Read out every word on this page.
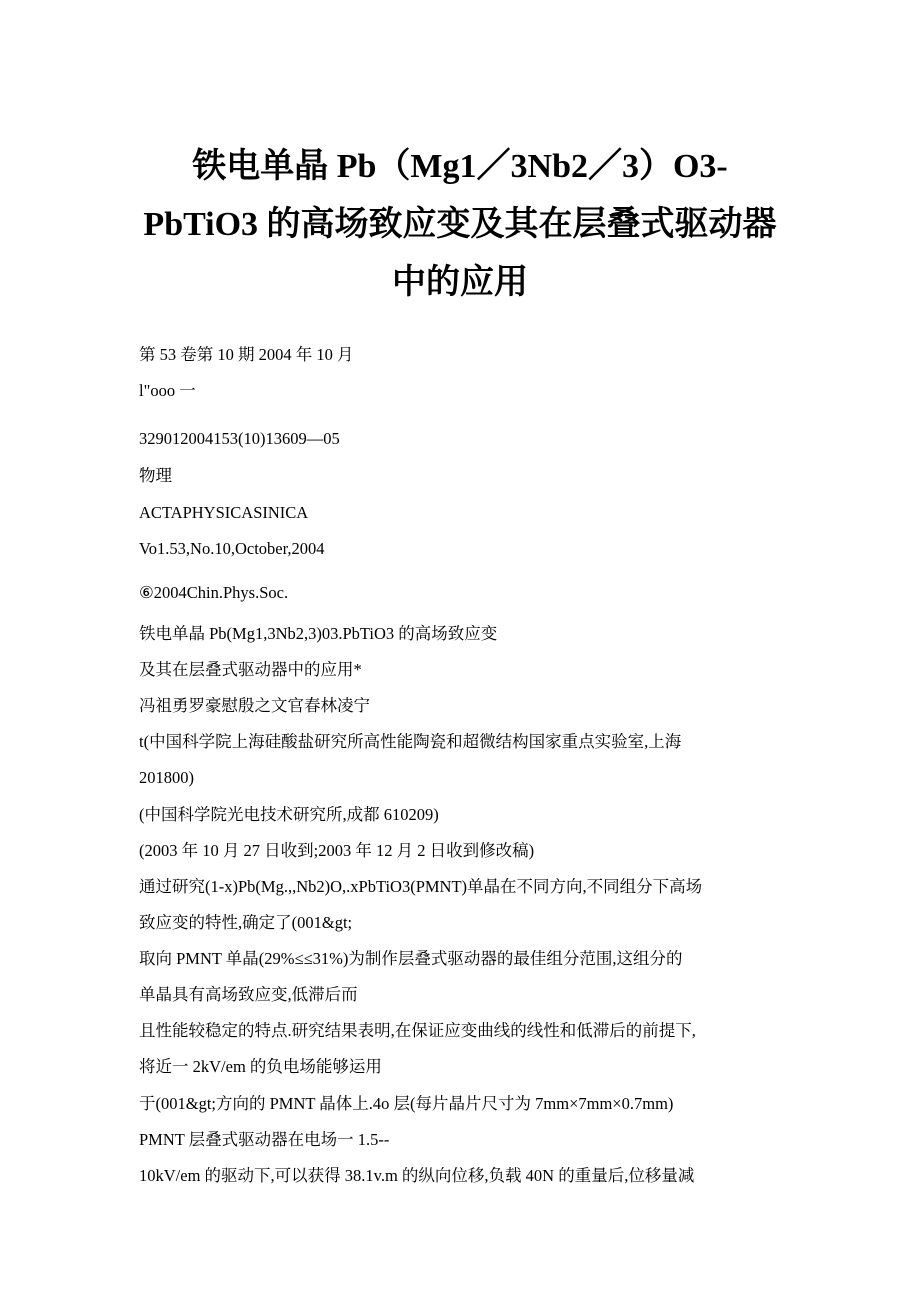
铁电单晶 Pb（Mg1／3Nb2／3）O3-
PbTiO3 的高场致应变及其在层叠式驱动器
中的应用
第 53 卷第 10 期 2004 年 10 月
l"ooo 一
329012004153(10)13609—05
物理
ACTAPHYSICASINICA
Vo1.53,No.10,October,2004
⑥2004Chin.Phys.Soc.
铁电单晶 Pb(Mg1,3Nb2,3)03.PbTiO3 的高场致应变
及其在层叠式驱动器中的应用*
冯祖勇罗豪慰殷之文官春林凌宁
t(中国科学院上海硅酸盐研究所高性能陶瓷和超微结构国家重点实验室,上海
201800)
(中国科学院光电技术研究所,成都 610209)
(2003 年 10 月 27 日收到;2003 年 12 月 2 日收到修改稿)
通过研究(1-x)Pb(Mg.,,Nb2)O,.xPbTiO3(PMNT)单晶在不同方向,不同组分下高场
致应变的特性,确定了(001&gt;
取向 PMNT 单晶(29%≤≤31%)为制作层叠式驱动器的最佳组分范围,这组分的
单晶具有高场致应变,低滞后而
且性能较稳定的特点.研究结果表明,在保证应变曲线的线性和低滞后的前提下,
将近一 2kV/em 的负电场能够运用
于(001&gt;方向的 PMNT 晶体上.4o 层(每片晶片尺寸为 7mm×7mm×0.7mm)
PMNT 层叠式驱动器在电场一 1.5--
10kV/em 的驱动下,可以获得 38.1v.m 的纵向位移,负载 40N 的重量后,位移量减
